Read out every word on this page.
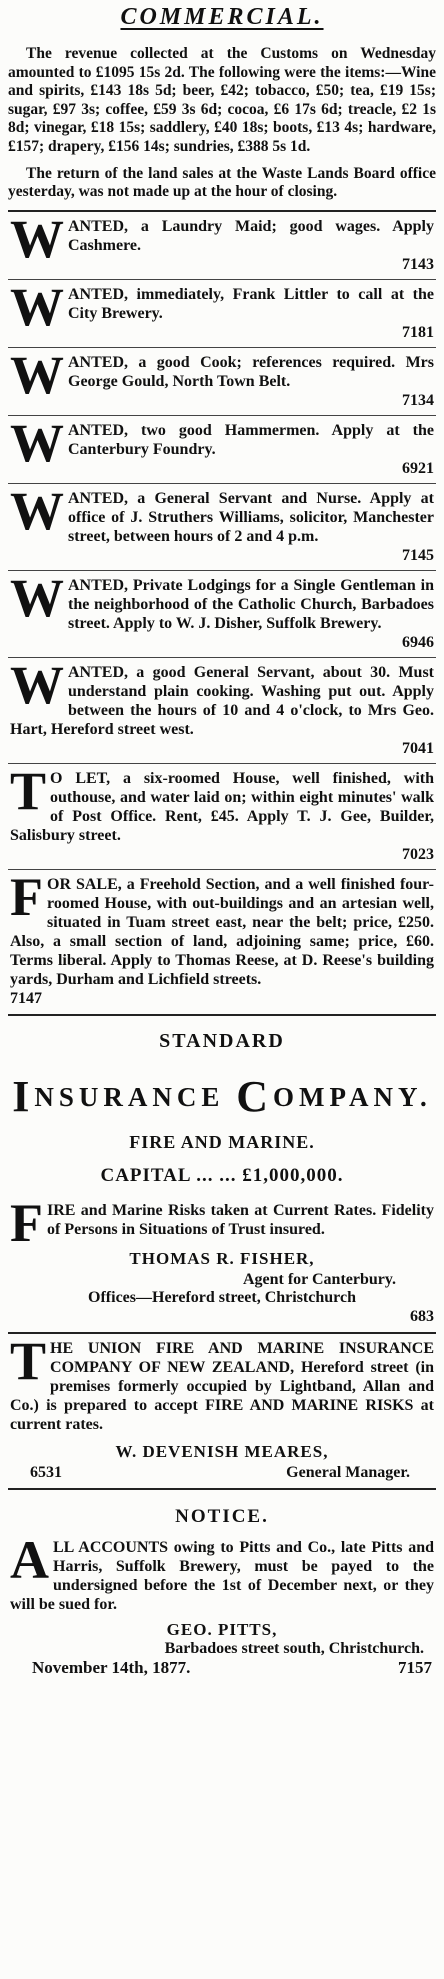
COMMERCIAL.

The revenue collected at the Customs on Wednesday amounted to £1095 15s 2d. The following were the items:—Wine and spirits, £143 18s 5d; beer, £42; tobacco, £50; tea, £19 15s; sugar, £97 3s; coffee, £59 3s 6d; cocoa, £6 17s 6d; treacle, £2 1s 8d; vinegar, £18 15s; saddlery, £40 18s; boots, £13 4s; hardware, £157; drapery, £156 14s; sundries, £388 5s 1d.

The return of the land sales at the Waste Lands Board office yesterday, was not made up at the hour of closing.

WANTED, a Laundry Maid; good wages. Apply Cashmere.
7143
WANTED, immediately, Frank Littler to call at the City Brewery.
7181
WANTED, a good Cook; references required. Mrs George Gould, North Town Belt.
7134
WANTED, two good Hammermen. Apply at the Canterbury Foundry.
6921
WANTED, a General Servant and Nurse. Apply at office of J. Struthers Williams, solicitor, Manchester street, between hours of 2 and 4 p.m.
7145
WANTED, Private Lodgings for a Single Gentleman in the neighborhood of the Catholic Church, Barbadoes street. Apply to W. J. Disher, Suffolk Brewery.
6946
WANTED, a good General Servant, about 30. Must understand plain cooking. Washing put out. Apply between the hours of 10 and 4 o'clock, to Mrs Geo. Hart, Hereford street west.
7041
T O LET, a six-roomed House, well finished, with outhouse, and water laid on; within eight minutes' walk of Post Office. Rent, £45. Apply T. J. Gee, Builder, Salisbury street.
7023
FOR SALE, a Freehold Section, and a well finished four-roomed House, with out-buildings and an artesian well, situated in Tuam street east, near the belt; price, £250. Also, a small section of land, adjoining same; price, £60. Terms liberal. Apply to Thomas Reese, at D. Reese's building yards, Durham and Lichfield streets.
7147
STANDARD
INSURANCE COMPANY.
FIRE AND MARINE.
CAPITAL ... ... £1,000,000.
FIRE and Marine Risks taken at Current Rates. Fidelity of Persons in Situations of Trust insured.
THOMAS R. FISHER,
Agent for Canterbury.
Offices—Hereford street, Christchurch
683
THE UNION FIRE AND MARINE INSURANCE COMPANY OF NEW ZEALAND, Hereford street (in premises formerly occupied by Lightband, Allan and Co.) is prepared to accept FIRE AND MARINE RISKS at current rates.
W. DEVENISH MEARES,
6531	General Manager.
NOTICE.
ALL ACCOUNTS owing to Pitts and Co., late Pitts and Harris, Suffolk Brewery, must be payed to the undersigned before the 1st of December next, or they will be sued for.
GEO. PITTS,
Barbadoes street south, Christchurch.
November 14th, 1877.	7157
